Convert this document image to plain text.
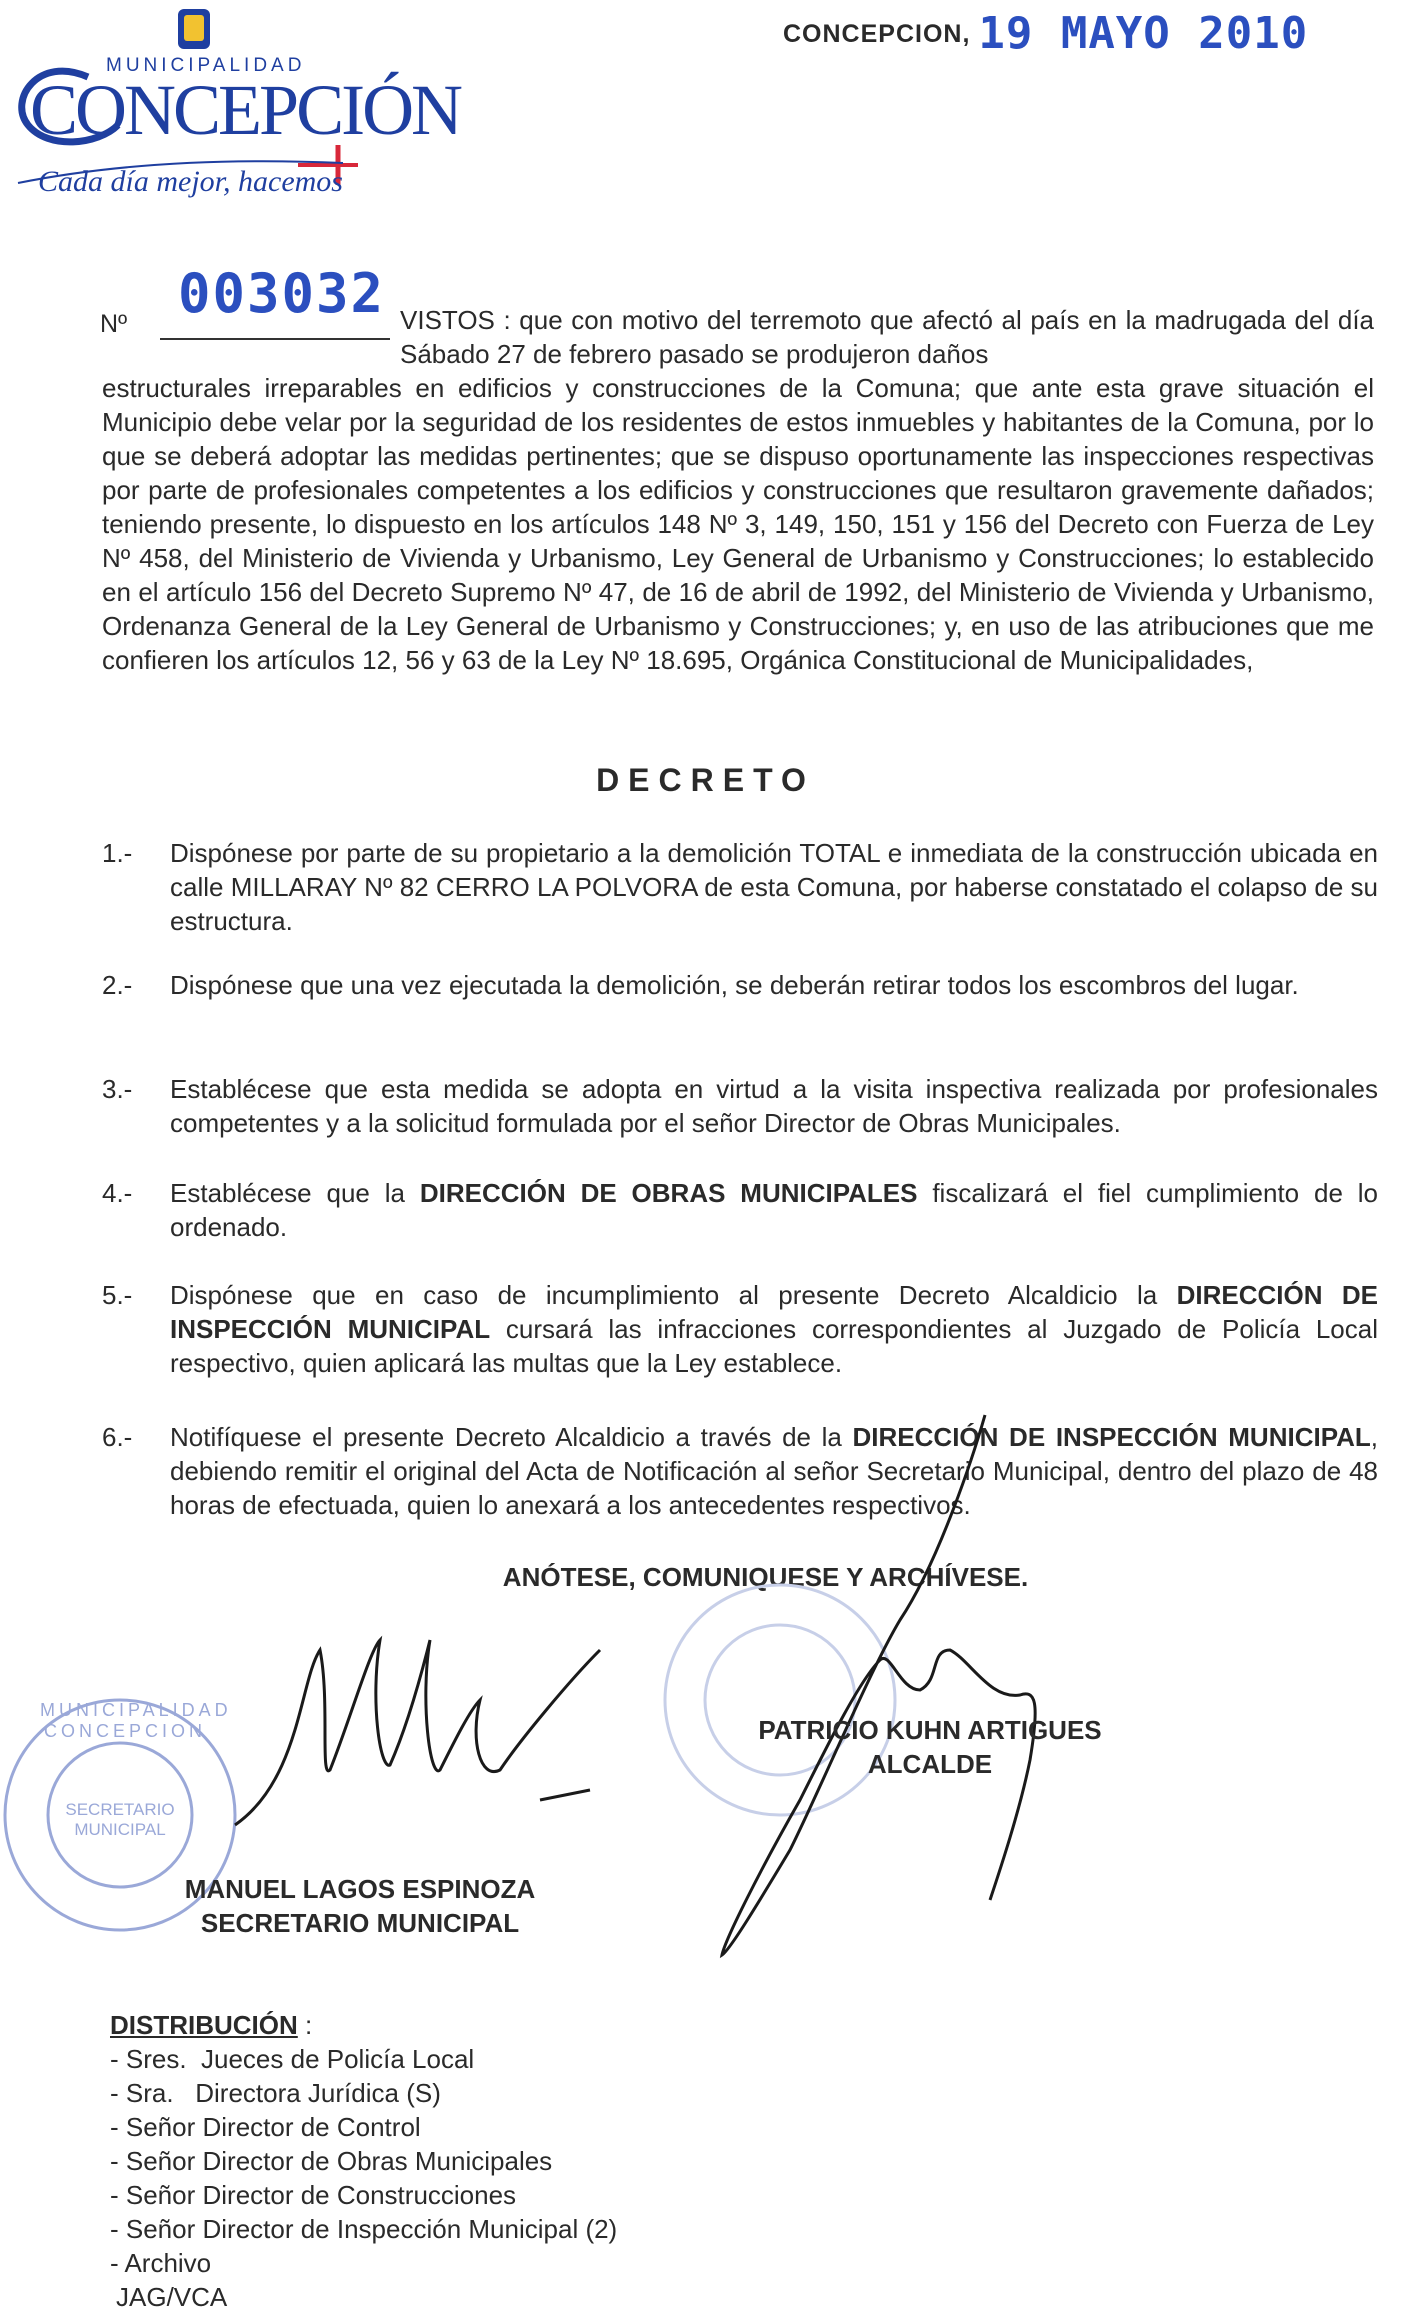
MUNICIPALIDAD
CONCEPCIÓN
Cada día mejor, hacemos
CONCEPCION, 19 MAYO 2010
Nº 003032 VISTOS : que con motivo del terremoto que afectó al país en la madrugada del día Sábado 27 de febrero pasado se produjeron daños
estructurales irreparables en edificios y construcciones de la Comuna; que ante esta grave situación el Municipio debe velar por la seguridad de los residentes de estos inmuebles y habitantes de la Comuna, por lo que se deberá adoptar las medidas pertinentes; que se dispuso oportunamente las inspecciones respectivas por parte de profesionales competentes a los edificios y construcciones que resultaron gravemente dañados; teniendo presente, lo dispuesto en los artículos 148 Nº 3, 149, 150, 151 y 156 del Decreto con Fuerza de Ley Nº 458, del Ministerio de Vivienda y Urbanismo, Ley General de Urbanismo y Construcciones; lo establecido en el artículo 156 del Decreto Supremo Nº 47, de 16 de abril de 1992, del Ministerio de Vivienda y Urbanismo, Ordenanza General de la Ley General de Urbanismo y Construcciones; y, en uso de las atribuciones que me confieren los artículos 12, 56 y 63 de la Ley Nº 18.695, Orgánica Constitucional de Municipalidades,
DECRETO
1.-	Dispónese por parte de su propietario a la demolición TOTAL e inmediata de la construcción ubicada en calle MILLARAY Nº 82 CERRO LA POLVORA de esta Comuna, por haberse constatado el colapso de su estructura.
2.-	Dispónese que una vez ejecutada la demolición, se deberán retirar todos los escombros del lugar.
3.-	Establécese que esta medida se adopta en virtud a la visita inspectiva realizada por profesionales competentes y a la solicitud formulada por el señor Director de Obras Municipales.
4.-	Establécese que la DIRECCIÓN DE OBRAS MUNICIPALES fiscalizará el fiel cumplimiento de lo ordenado.
5.-	Dispónese que en caso de incumplimiento al presente Decreto Alcaldicio la DIRECCIÓN DE INSPECCIÓN MUNICIPAL cursará las infracciones correspondientes al Juzgado de Policía Local respectivo, quien aplicará las multas que la Ley establece.
6.-	Notifíquese el presente Decreto Alcaldicio a través de la DIRECCIÓN DE INSPECCIÓN MUNICIPAL, debiendo remitir el original del Acta de Notificación al señor Secretario Municipal, dentro del plazo de 48 horas de efectuada, quien lo anexará a los antecedentes respectivos.
ANÓTESE, COMUNIQUESE Y ARCHÍVESE.
MUNICIPALIDAD CONCEPCION
SECRETARIO MUNICIPAL
PATRICIO KUHN ARTIGUES
ALCALDE
MANUEL LAGOS ESPINOZA
SECRETARIO MUNICIPAL
DISTRIBUCIÓN :
- Sres.  Jueces de Policía Local
- Sra.   Directora Jurídica (S)
- Señor Director de Control
- Señor Director de Obras Municipales
- Señor Director de Construcciones
- Señor Director de Inspección Municipal (2)
- Archivo
JAG/VCA
